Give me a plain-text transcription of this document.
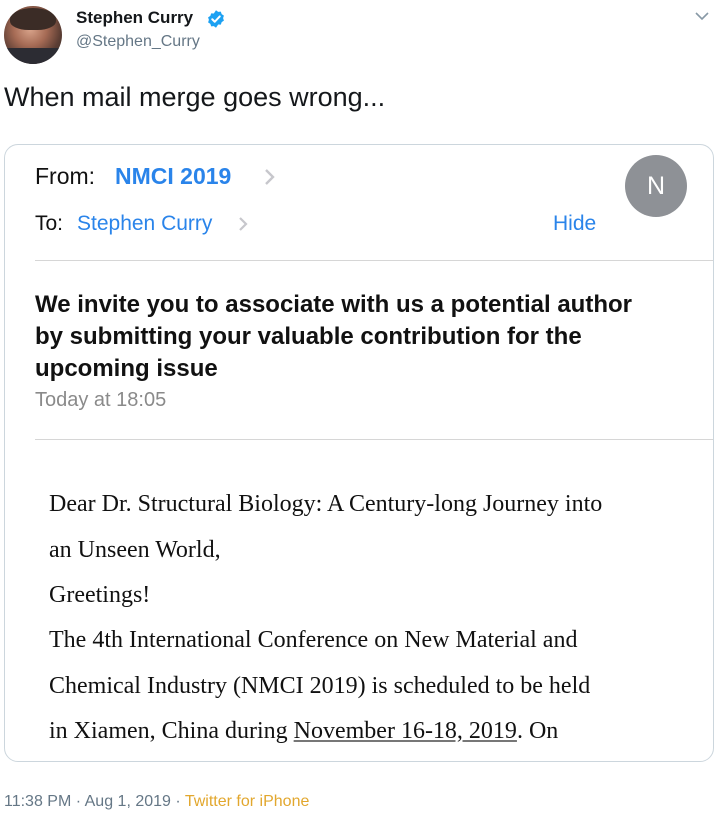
Stephen Curry
@Stephen_Curry
When mail merge goes wrong...
From: NMCI 2019
To: Stephen Curry	Hide
N
We invite you to associate with us a potential author by submitting your valuable contribution for the upcoming issue
Today at 18:05
Dear Dr. Structural Biology: A Century-long Journey into
an Unseen World,
Greetings!
The 4th International Conference on New Material and
Chemical Industry (NMCI 2019) is scheduled to be held
in Xiamen, China during November 16-18, 2019. On
11:38 PM · Aug 1, 2019 · Twitter for iPhone
